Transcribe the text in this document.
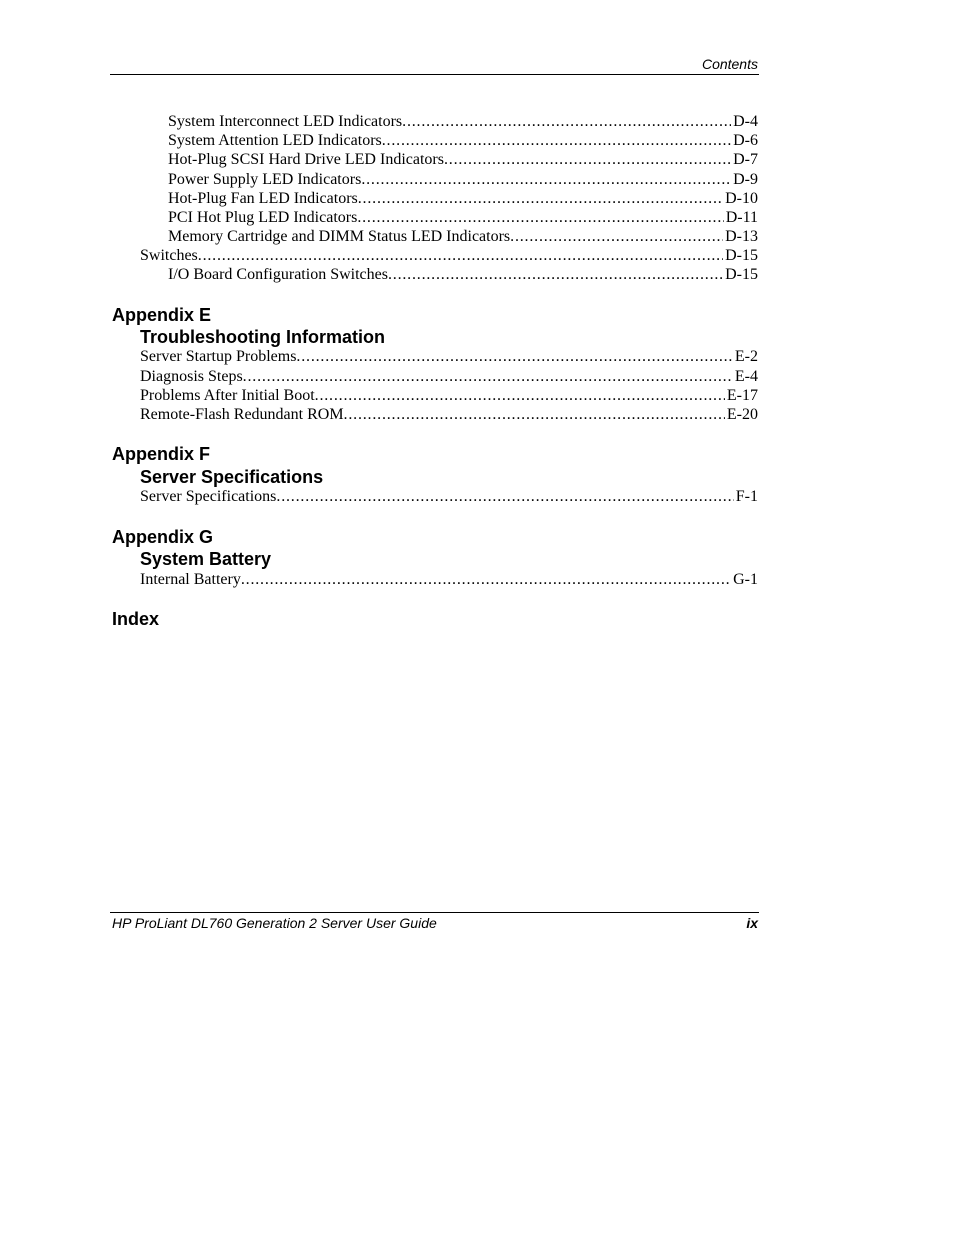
Contents
System Interconnect LED Indicators . . .	D-4
System Attention LED Indicators . . .	D-6
Hot-Plug SCSI Hard Drive LED Indicators . . .	D-7
Power Supply LED Indicators . . .	D-9
Hot-Plug Fan LED Indicators . . .	D-10
PCI Hot Plug LED Indicators . . .	D-11
Memory Cartridge and DIMM Status LED Indicators . . .	D-13
Switches . . .	D-15
I/O Board Configuration Switches . . .	D-15
Appendix E
Troubleshooting Information
Server Startup Problems . . .	E-2
Diagnosis Steps . . .	E-4
Problems After Initial Boot . . .	E-17
Remote-Flash Redundant ROM . . .	E-20
Appendix F
Server Specifications
Server Specifications . . .	F-1
Appendix G
System Battery
Internal Battery . . .	G-1
Index
HP ProLiant DL760 Generation 2 Server User Guide	ix
